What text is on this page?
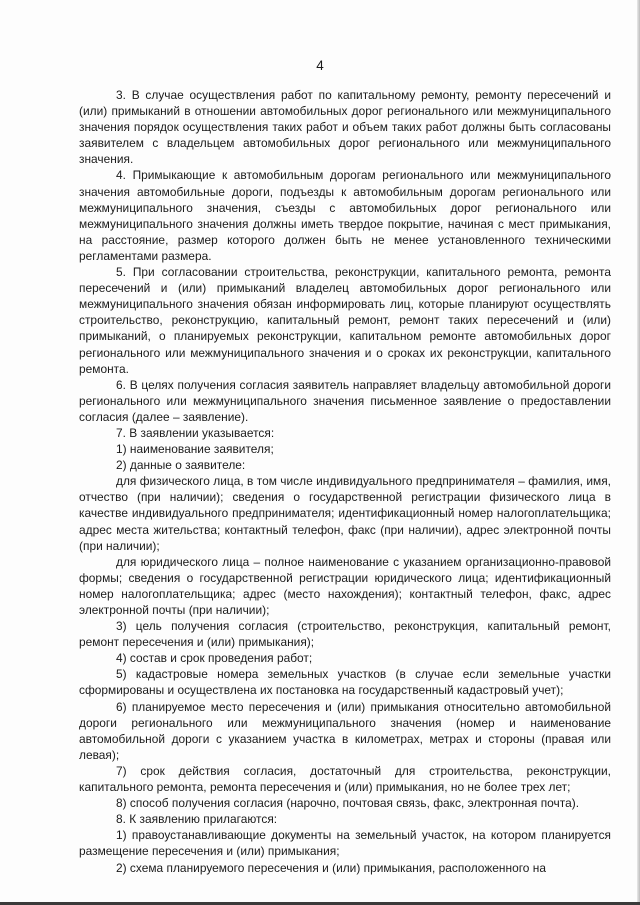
4

3. В случае осуществления работ по капитальному ремонту, ремонту пересечений и (или) примыканий в отношении автомобильных дорог регионального или межмуниципального значения порядок осуществления таких работ и объем таких работ должны быть согласованы заявителем с владельцем автомобильных дорог регионального или межмуниципального значения.

4. Примыкающие к автомобильным дорогам регионального или межмуниципального значения автомобильные дороги, подъезды к автомобильным дорогам регионального или межмуниципального значения, съезды с автомобильных дорог регионального или межмуниципального значения должны иметь твердое покрытие, начиная с мест примыкания, на расстояние, размер которого должен быть не менее установленного техническими регламентами размера.

5. При согласовании строительства, реконструкции, капитального ремонта, ремонта пересечений и (или) примыканий владелец автомобильных дорог регионального или межмуниципального значения обязан информировать лиц, которые планируют осуществлять строительство, реконструкцию, капитальный ремонт, ремонт таких пересечений и (или) примыканий, о планируемых реконструкции, капитальном ремонте автомобильных дорог регионального или межмуниципального значения и о сроках их реконструкции, капитального ремонта.

6. В целях получения согласия заявитель направляет владельцу автомобильной дороги регионального или межмуниципального значения письменное заявление о предоставлении согласия (далее – заявление).

7. В заявлении указывается:

1) наименование заявителя;

2) данные о заявителе:

для физического лица, в том числе индивидуального предпринимателя – фамилия, имя, отчество (при наличии); сведения о государственной регистрации физического лица в качестве индивидуального предпринимателя; идентификационный номер налогоплательщика; адрес места жительства; контактный телефон, факс (при наличии), адрес электронной почты (при наличии);

для юридического лица – полное наименование с указанием организационно-правовой формы; сведения о государственной регистрации юридического лица; идентификационный номер налогоплательщика; адрес (место нахождения); контактный телефон, факс, адрес электронной почты (при наличии);

3) цель получения согласия (строительство, реконструкция, капитальный ремонт, ремонт пересечения и (или) примыкания);

4) состав и срок проведения работ;

5) кадастровые номера земельных участков (в случае если земельные участки сформированы и осуществлена их постановка на государственный кадастровый учет);

6) планируемое место пересечения и (или) примыкания относительно автомобильной дороги регионального или межмуниципального значения (номер и наименование автомобильной дороги с указанием участка в километрах, метрах и стороны (правая или левая);

7) срок действия согласия, достаточный для строительства, реконструкции, капитального ремонта, ремонта пересечения и (или) примыкания, но не более трех лет;

8) способ получения согласия (нарочно, почтовая связь, факс, электронная почта).

8. К заявлению прилагаются:

1) правоустанавливающие документы на земельный участок, на котором планируется размещение пересечения и (или) примыкания;

2) схема планируемого пересечения и (или) примыкания, расположенного на
